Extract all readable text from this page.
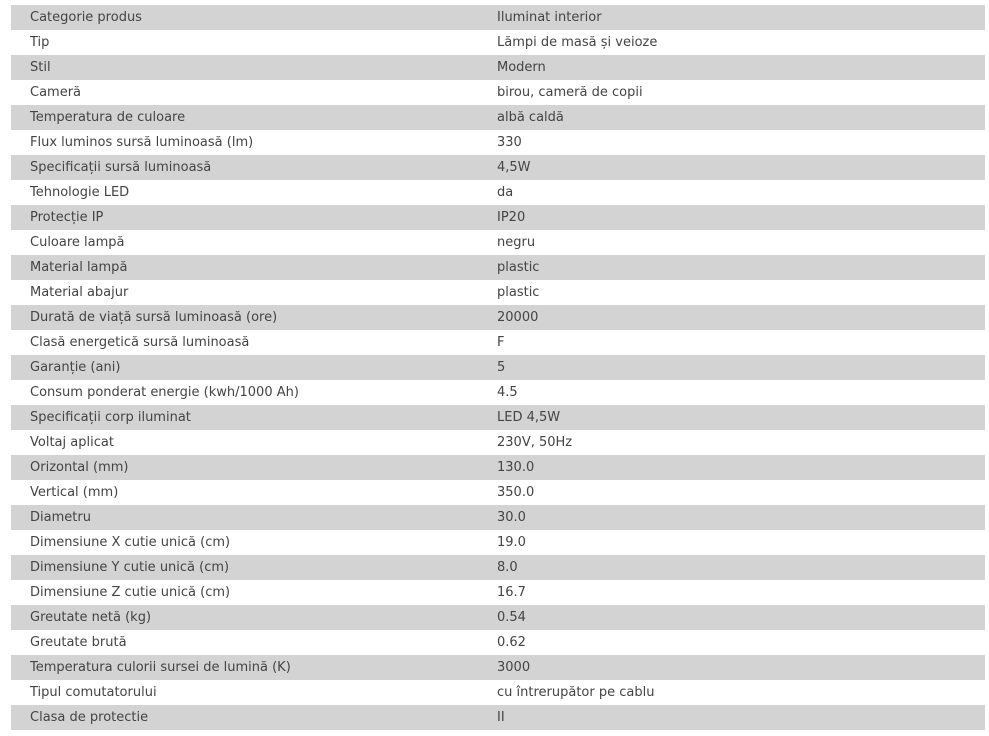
Categorie produs	Iluminat interior
Tip	Lămpi de masă și veioze
Stil	Modern
Cameră	birou, cameră de copii
Temperatura de culoare	albă caldă
Flux luminos sursă luminoasă (lm)	330
Specificații sursă luminoasă	4,5W
Tehnologie LED	da
Protecție IP	IP20
Culoare lampă	negru
Material lampă	plastic
Material abajur	plastic
Durată de viață sursă luminoasă (ore)	20000
Clasă energetică sursă luminoasă	F
Garanție (ani)	5
Consum ponderat energie (kwh/1000 Ah)	4.5
Specificații corp iluminat	LED 4,5W
Voltaj aplicat	230V, 50Hz
Orizontal (mm)	130.0
Vertical (mm)	350.0
Diametru	30.0
Dimensiune X cutie unică (cm)	19.0
Dimensiune Y cutie unică (cm)	8.0
Dimensiune Z cutie unică (cm)	16.7
Greutate netă (kg)	0.54
Greutate brută	0.62
Temperatura culorii sursei de lumină (K)	3000
Tipul comutatorului	cu întrerupător pe cablu
Clasa de protectie	II
